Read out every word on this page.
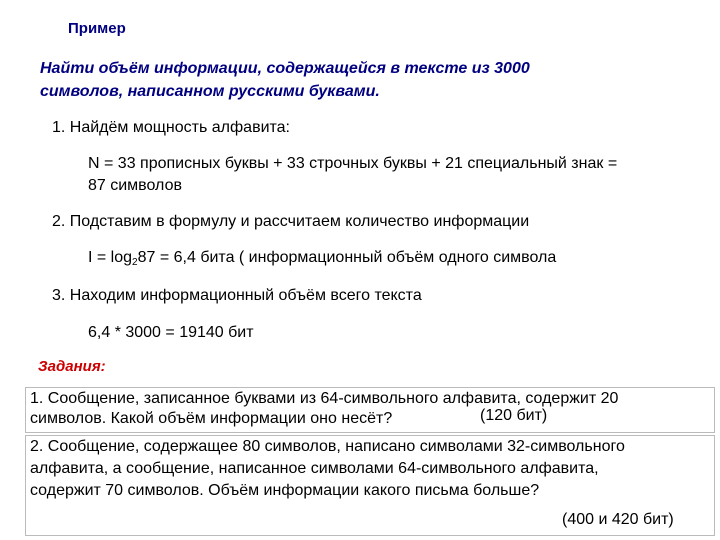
Пример
Найти объём информации, содержащейся в тексте из 3000
символов, написанном русскими буквами.
1. Найдём мощность алфавита:
N = 33 прописных буквы + 33 строчных буквы + 21 специальный знак =
87 символов
2. Подставим в формулу и рассчитаем количество информации
$I = \log_287 = 6,4$ бита ( информационный объём одного символа
3. Находим информационный объём всего текста
6,4 * 3000 = 19140 бит
Задания:
1. Сообщение, записанное буквами из 64-символьного алфавита, содержит 20
символов. Какой объём информации оно несёт?	(120 бит)
2. Сообщение, содержащее 80 символов, написано символами 32-символьного
алфавита, а сообщение, написанное символами 64-символьного алфавита,
содержит 70 символов. Объём информации какого письма больше?
(400 и 420 бит)
